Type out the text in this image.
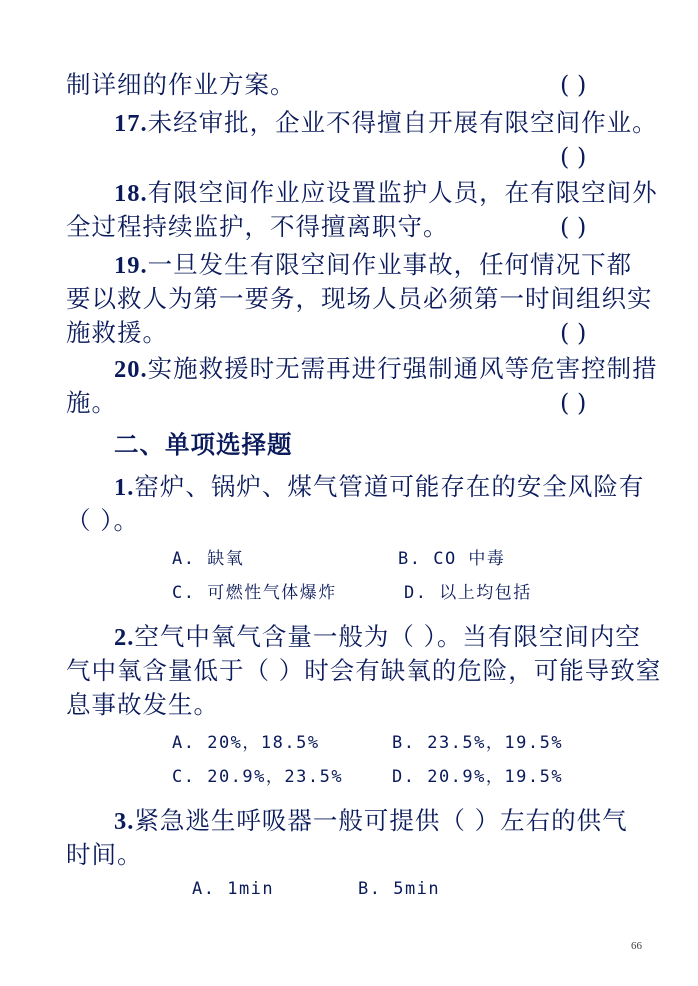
制详细的作业方案。	( )
17.未经审批，企业不得擅自开展有限空间作业。
( )
18.有限空间作业应设置监护人员，在有限空间外
全过程持续监护，不得擅离职守。	( )
19.一旦发生有限空间作业事故，任何情况下都
要以救人为第一要务，现场人员必须第一时间组织实
施救援。	( )
20.实施救援时无需再进行强制通风等危害控制措
施。	( )
二、单项选择题
1.窑炉、锅炉、煤气管道可能存在的安全风险有
（ ）。
A. 缺氧	B. CO 中毒
C. 可燃性气体爆炸	D. 以上均包括
2.空气中氧气含量一般为（ ）。当有限空间内空
气中氧含量低于（ ）时会有缺氧的危险，可能导致窒
息事故发生。
A. 20%，18.5%	B. 23.5%，19.5%
C. 20.9%，23.5%	D. 20.9%，19.5%
3.紧急逃生呼吸器一般可提供（ ）左右的供气
时间。
A. 1min	B. 5min
66
